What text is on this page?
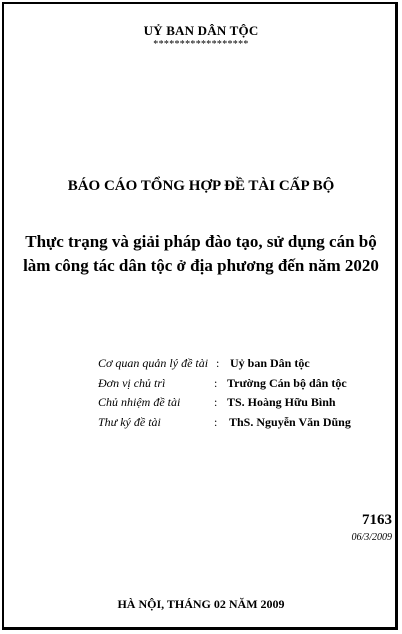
UỶ BAN DÂN TỘC
******************
BÁO CÁO TỔNG HỢP ĐỀ TÀI CẤP BỘ
Thực trạng và giải pháp đào tạo, sử dụng cán bộ
làm công tác dân tộc ở địa phương đến năm 2020
Cơ quan quản lý đề tài : Uỷ ban Dân tộc
Đơn vị chủ trì	: Trường Cán bộ dân tộc
Chủ nhiệm đề tài	: TS. Hoàng Hữu Bình
Thư ký đề tài	: ThS. Nguyễn Văn Dũng
7163
06/3/2009
HÀ NỘI, THÁNG 02 NĂM 2009
